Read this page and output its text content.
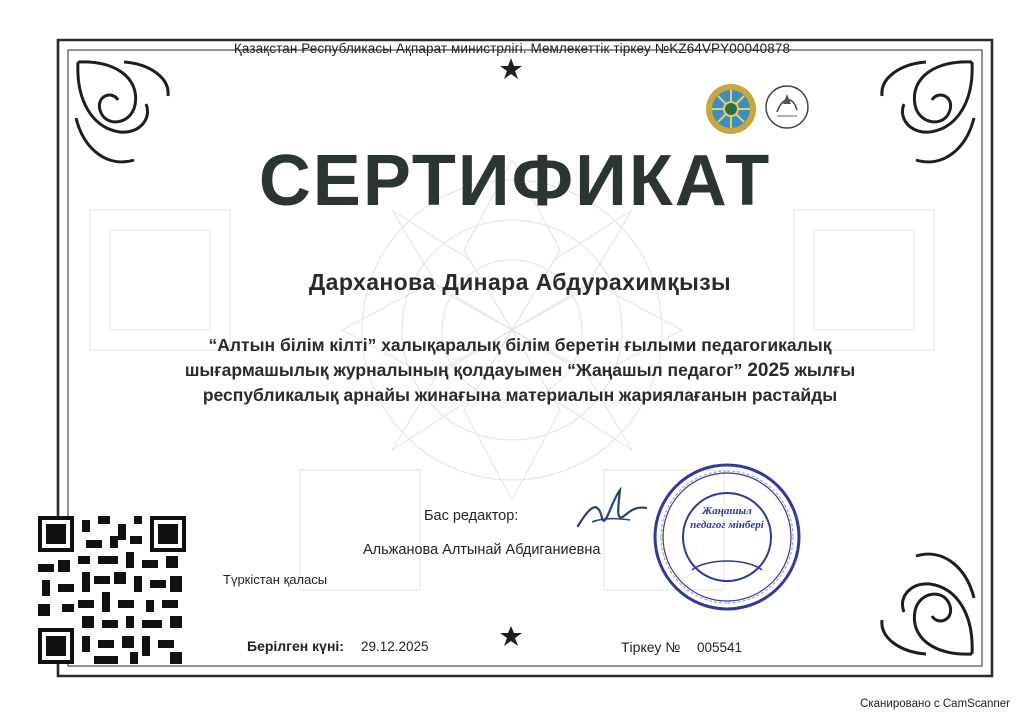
Қазақстан Республикасы Ақпарат министрлігі. Мемлекеттік тіркеу №KZ64VPY00040878
СЕРТИФИКАТ
Дарханова Динара Абдурахимқызы
“Алтын білім кілті” халықаралық білім беретін ғылыми педагогикалық
шығармашылық журналының қолдауымен “Жаңашыл педагог” 2025 жылғы
республикалық арнайы жинағына материалын жариялағанын растайды
Жаңашыл
педагог мінбері
Бас редактор:
Альжанова Алтынай Абдиганиевна
Түркістан қаласы
Берілген күні: 29.12.2025	Тіркеу № 005541
Сканировано с CamScanner
